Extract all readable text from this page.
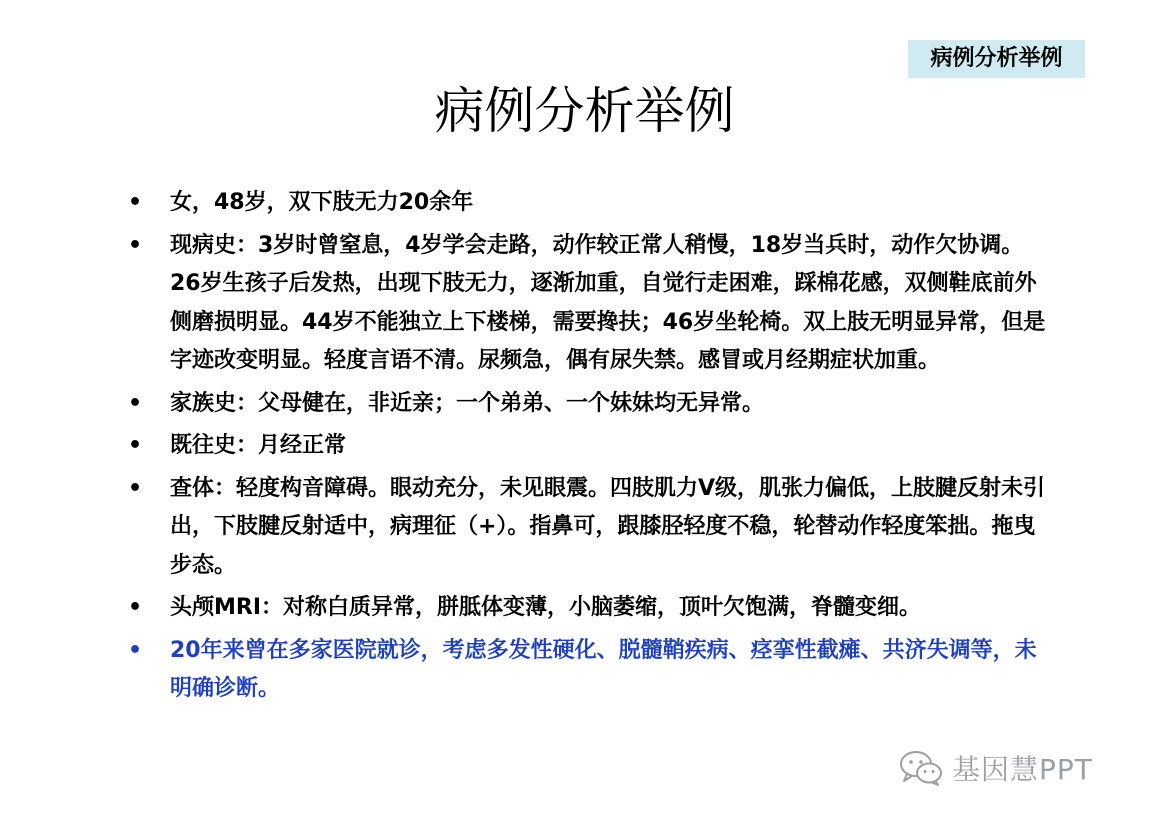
病例分析举例
病例分析举例
• 女，48岁，双下肢无力20余年
• 现病史：3岁时曾窒息，4岁学会走路，动作较正常人稍慢，18岁当兵时，动作欠协调。26岁生孩子后发热，出现下肢无力，逐渐加重，自觉行走困难，踩棉花感，双侧鞋底前外侧磨损明显。44岁不能独立上下楼梯，需要搀扶；46岁坐轮椅。双上肢无明显异常，但是字迹改变明显。轻度言语不清。尿频急，偶有尿失禁。感冒或月经期症状加重。
• 家族史：父母健在，非近亲；一个弟弟、一个妹妹均无异常。
• 既往史：月经正常
• 查体：轻度构音障碍。眼动充分，未见眼震。四肢肌力V级，肌张力偏低，上肢腱反射未引出，下肢腱反射适中，病理征（+）。指鼻可，跟膝胫轻度不稳，轮替动作轻度笨拙。拖曳步态。
• 头颅MRI：对称白质异常，胼胝体变薄，小脑萎缩，顶叶欠饱满，脊髓变细。
• 20年来曾在多家医院就诊，考虑多发性硬化、脱髓鞘疾病、痉挛性截瘫、共济失调等，未明确诊断。
基因慧PPT
